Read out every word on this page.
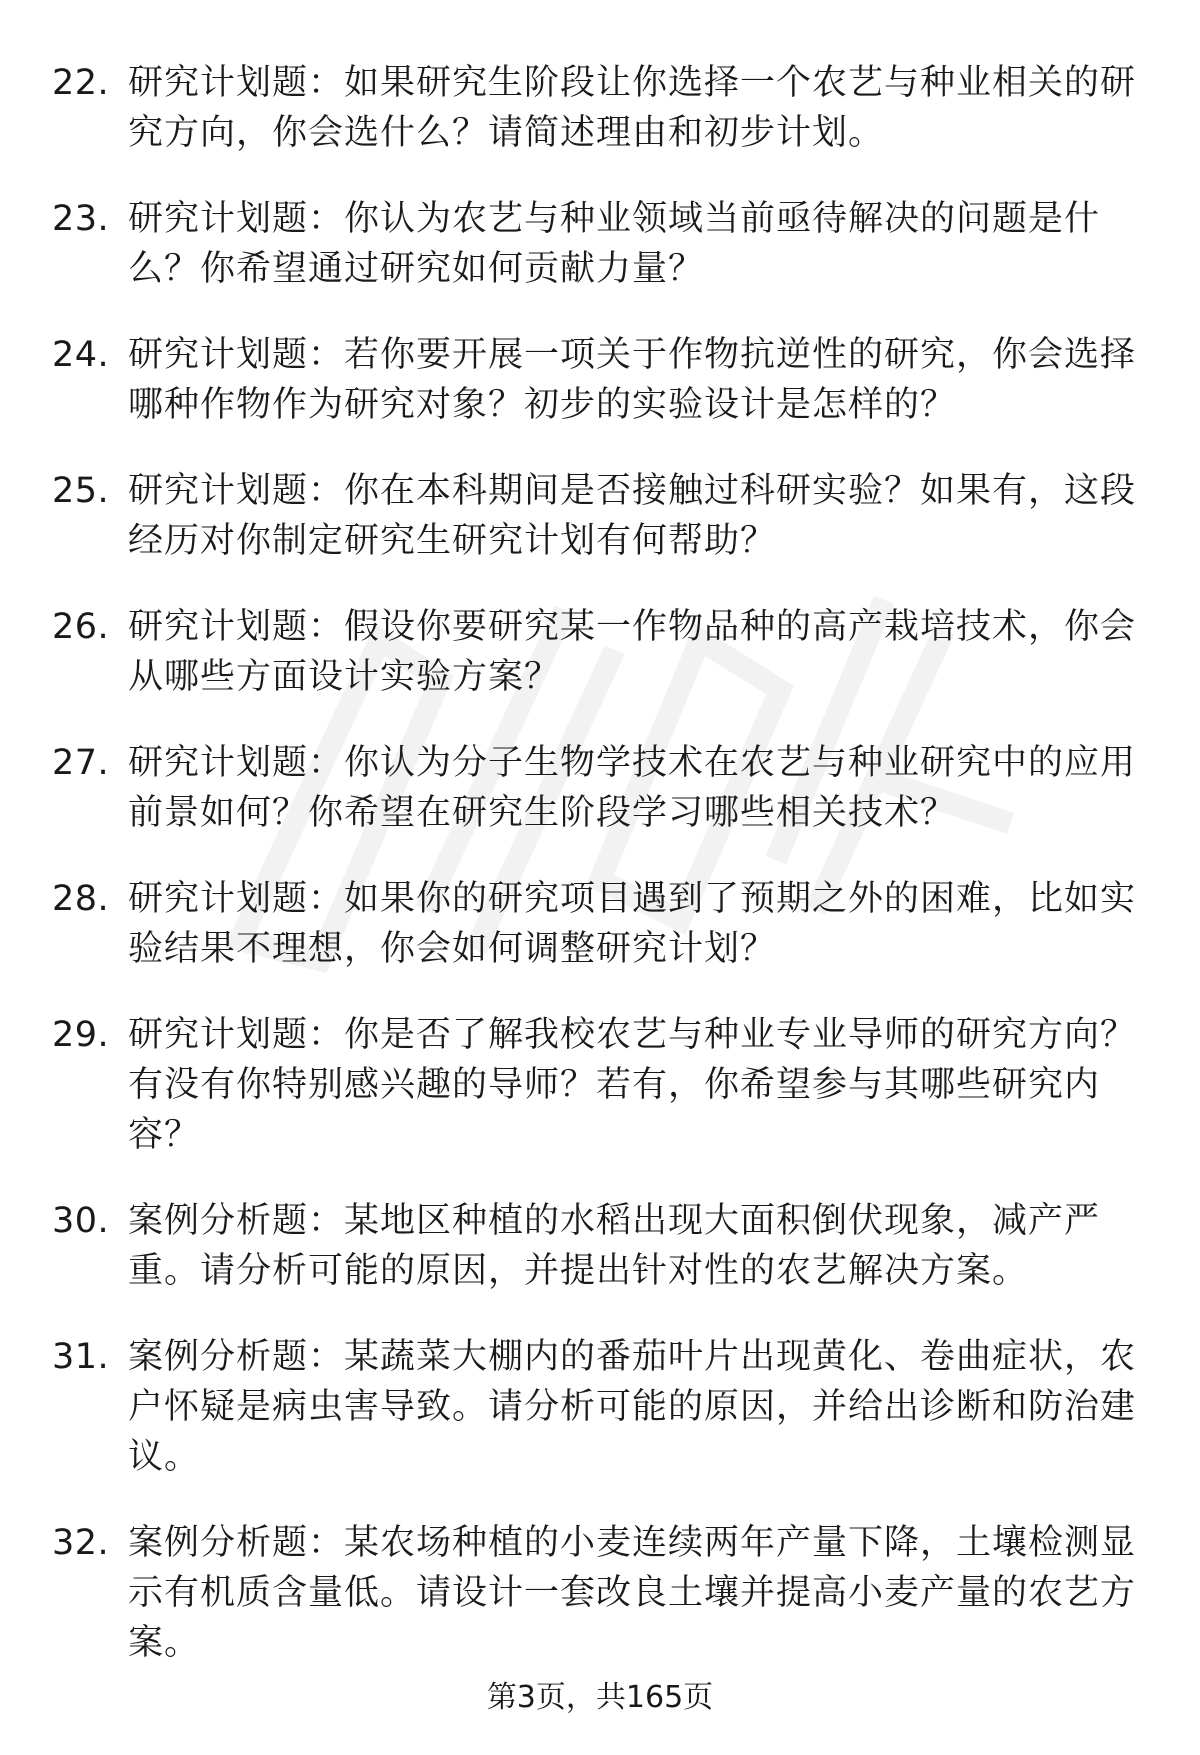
22. 研究计划题：如果研究生阶段让你选择一个农艺与种业相关的研究方向，你会选什么？请简述理由和初步计划。
23. 研究计划题：你认为农艺与种业领域当前亟待解决的问题是什么？你希望通过研究如何贡献力量？
24. 研究计划题：若你要开展一项关于作物抗逆性的研究，你会选择哪种作物作为研究对象？初步的实验设计是怎样的？
25. 研究计划题：你在本科期间是否接触过科研实验？如果有，这段经历对你制定研究生研究计划有何帮助？
26. 研究计划题：假设你要研究某一作物品种的高产栽培技术，你会从哪些方面设计实验方案？
27. 研究计划题：你认为分子生物学技术在农艺与种业研究中的应用前景如何？你希望在研究生阶段学习哪些相关技术？
28. 研究计划题：如果你的研究项目遇到了预期之外的困难，比如实验结果不理想，你会如何调整研究计划？
29. 研究计划题：你是否了解我校农艺与种业专业导师的研究方向？有没有你特别感兴趣的导师？若有，你希望参与其哪些研究内容？
30. 案例分析题：某地区种植的水稻出现大面积倒伏现象，减产严重。请分析可能的原因，并提出针对性的农艺解决方案。
31. 案例分析题：某蔬菜大棚内的番茄叶片出现黄化、卷曲症状，农户怀疑是病虫害导致。请分析可能的原因，并给出诊断和防治建议。
32. 案例分析题：某农场种植的小麦连续两年产量下降，土壤检测显示有机质含量低。请设计一套改良土壤并提高小麦产量的农艺方案。
第3页，共165页
